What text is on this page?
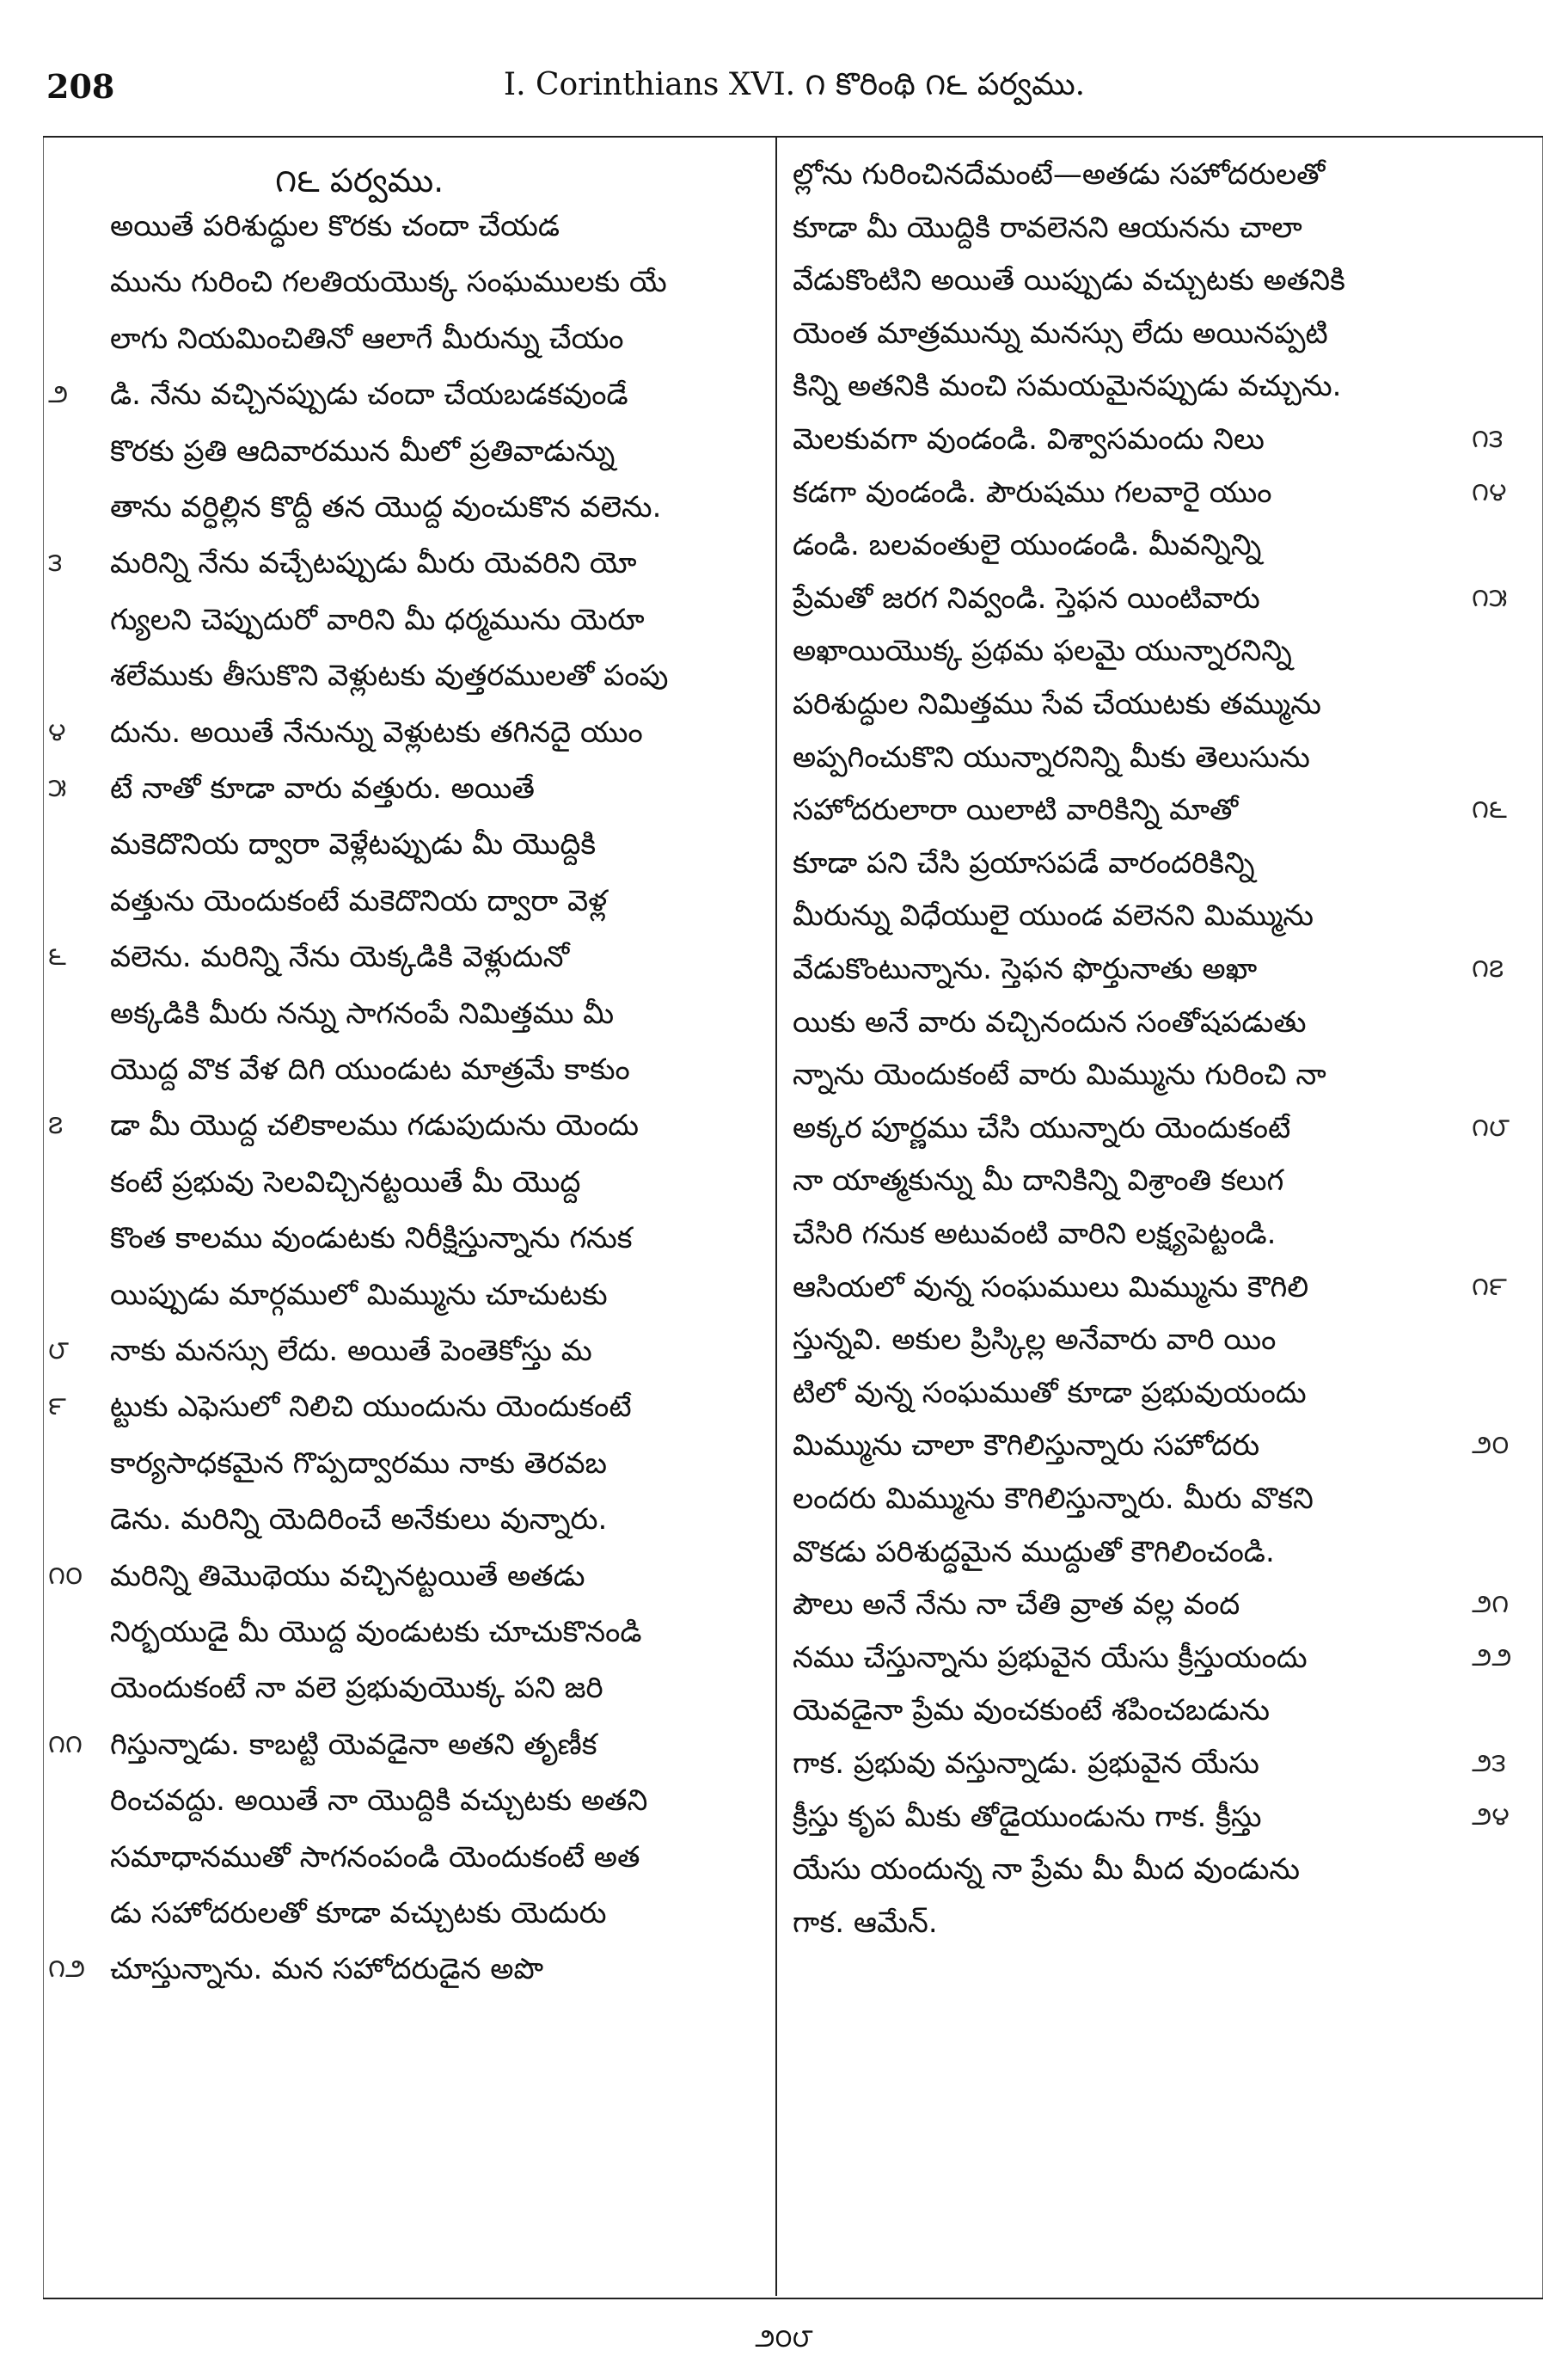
208	I. Corinthians XVI. ౧ కొరింథి ౧౬ పర్వము.
౧౬ పర్వము.
అయితే పరిశుద్ధుల కొరకు చందా చేయడ
మును గురించి గలతియయొక్క సంఘములకు యే
లాగు నియమించితినో ఆలాగే మీరున్ను చేయం
౨ డి. నేను వచ్చినప్పుడు చందా చేయబడకవుండే
కొరకు ప్రతి ఆదివారమున మీలో ప్రతివాడున్ను
తాను వర్ధిల్లిన కొద్దీ తన యొద్ద వుంచుకొన వలెను.
౩ మరిన్ని నేను వచ్చేటప్పుడు మీరు యెవరిని యో
గ్యులని చెప్పుదురో వారిని మీ ధర్మమును యెరూ
శలేముకు తీసుకొని వెళ్లుటకు వుత్తరములతో పంపు
౪ దును. అయితే నేనున్ను వెళ్లుటకు తగినదై యుం
౫ టే నాతో కూడా వారు వత్తురు. అయితే
మకెదొనియ ద్వారా వెళ్లేటప్పుడు మీ యొద్దికి
వత్తును యెందుకంటే మకెదొనియ ద్వారా వెళ్ల
౬ వలెను. మరిన్ని నేను యెక్కడికి వెళ్లుదునో
అక్కడికి మీరు నన్ను సాగనంపే నిమిత్తము మీ
యొద్ద వొక వేళ దిగి యుండుట మాత్రమే కాకుం
౭ డా మీ యొద్ద చలికాలము గడుపుదును యెందు
కంటే ప్రభువు సెలవిచ్చినట్టయితే మీ యొద్ద
కొంత కాలము వుండుటకు నిరీక్షిస్తున్నాను గనుక
యిప్పుడు మార్గములో మిమ్మును చూచుటకు
౮ నాకు మనస్సు లేదు. అయితే పెంతెకోస్తు మ
౯ ట్టుకు ఎఫెసులో నిలిచి యుందును యెందుకంటే
కార్యసాధకమైన గొప్పద్వారము నాకు తెరవబ
డెను. మరిన్ని యెదిరించే అనేకులు వున్నారు.
౧౦ మరిన్ని తిమొథెయు వచ్చినట్టయితే అతడు
నిర్భయుడై మీ యొద్ద వుండుటకు చూచుకొనండి
యెందుకంటే నా వలె ప్రభువుయొక్క పని జరి
౧౧ గిస్తున్నాడు. కాబట్టి యెవడైనా అతని తృణీక
రించవద్దు. అయితే నా యొద్దికి వచ్చుటకు అతని
సమాధానముతో సాగనంపండి యెందుకంటే అత
డు సహోదరులతో కూడా వచ్చుటకు యెదురు
౧౨ చూస్తున్నాను. మన సహోదరుడైన అపొ
ల్లోను గురించినదేమంటే—అతడు సహోదరులతో
కూడా మీ యొద్దికి రావలెనని ఆయనను చాలా
వేడుకొంటిని అయితే యిప్పుడు వచ్చుటకు అతనికి
యెంత మాత్రమున్ను మనస్సు లేదు అయినప్పటి
కిన్ని అతనికి మంచి సమయమైనప్పుడు వచ్చును.
౧౩
మెలకువగా వుండండి. విశ్వాసమందు నిలు
౧౪
కడగా వుండండి. పౌరుషము గలవారై యుం
డండి. బలవంతులై యుండండి. మీవన్నిన్ని
౧౫
ప్రేమతో జరగ నివ్వండి. స్తెఫన యింటివారు
అఖాయియొక్క ప్రథమ ఫలమై యున్నారనిన్ని
పరిశుద్ధుల నిమిత్తము సేవ చేయుటకు తమ్మును
అప్పగించుకొని యున్నారనిన్ని మీకు తెలుసును
౧౬
సహోదరులారా యిలాటి వారికిన్ని మాతో
కూడా పని చేసి ప్రయాసపడే వారందరికిన్ని
మీరున్ను విధేయులై యుండ వలెనని మిమ్మును
౧౭
వేడుకొంటున్నాను. స్తెఫన ఫొర్తునాతు అఖా
యికు అనే వారు వచ్చినందున సంతోషపడుతు
న్నాను యెందుకంటే వారు మిమ్మును గురించి నా
౧౮
అక్కర పూర్ణము చేసి యున్నారు యెందుకంటే
నా యాత్మకున్ను మీ దానికిన్ని విశ్రాంతి కలుగ
చేసిరి గనుక అటువంటి వారిని లక్ష్యపెట్టండి.
౧౯
ఆసియలో వున్న సంఘములు మిమ్మును కౌగిలి
స్తున్నవి. అకుల ప్రిస్కిల్ల అనేవారు వారి యిం
టిలో వున్న సంఘముతో కూడా ప్రభువుయందు
౨౦
మిమ్మును చాలా కౌగిలిస్తున్నారు సహోదరు
లందరు మిమ్మును కౌగిలిస్తున్నారు. మీరు వొకని
వొకడు పరిశుద్ధమైన ముద్దుతో కౌగిలించండి.
౨౧
పౌలు అనే నేను నా చేతి వ్రాత వల్ల వంద
౨౨
నము చేస్తున్నాను ప్రభువైన యేసు క్రీస్తుయందు
యెవడైనా ప్రేమ వుంచకుంటే శపించబడును
౨౩
గాక. ప్రభువు వస్తున్నాడు. ప్రభువైన యేసు
౨౪
క్రీస్తు కృప మీకు తోడైయుండును గాక. క్రీస్తు
యేసు యందున్న నా ప్రేమ మీ మీద వుండును
గాక. ఆమేన్.
౨౦౮
